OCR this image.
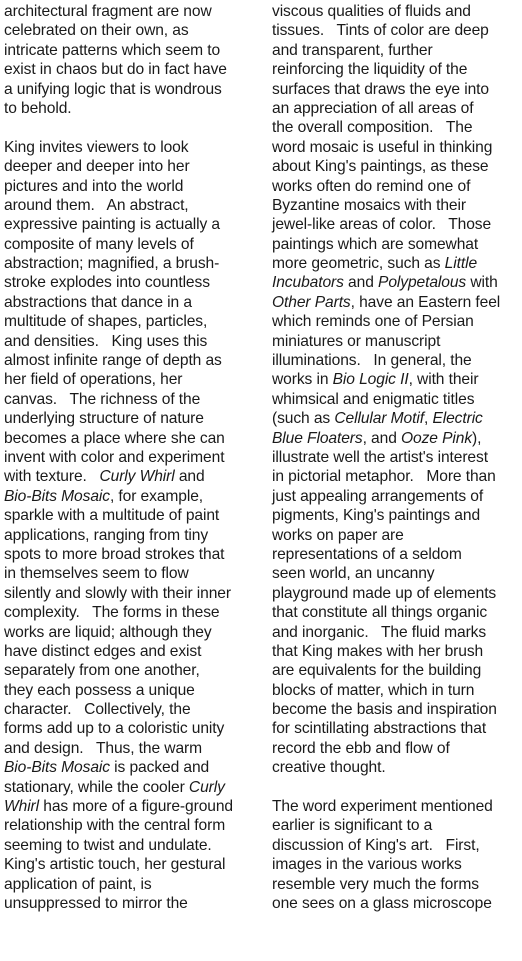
architectural fragment are now
celebrated on their own, as
intricate patterns which seem to
exist in chaos but do in fact have
a unifying logic that is wondrous
to behold.
King invites viewers to look
deeper and deeper into her
pictures and into the world
around them.   An abstract,
expressive painting is actually a
composite of many levels of
abstraction; magnified, a brush-
stroke explodes into countless
abstractions that dance in a
multitude of shapes, particles,
and densities.   King uses this
almost infinite range of depth as
her field of operations, her
canvas.   The richness of the
underlying structure of nature
becomes a place where she can
invent with color and experiment
with texture.   Curly Whirl and
Bio-Bits Mosaic, for example,
sparkle with a multitude of paint
applications, ranging from tiny
spots to more broad strokes that
in themselves seem to flow
silently and slowly with their inner
complexity.   The forms in these
works are liquid; although they
have distinct edges and exist
separately from one another,
they each possess a unique
character.   Collectively, the
forms add up to a coloristic unity
and design.   Thus, the warm
Bio-Bits Mosaic is packed and
stationary, while the cooler Curly
Whirl has more of a figure-ground
relationship with the central form
seeming to twist and undulate.
King's artistic touch, her gestural
application of paint, is
unsuppressed to mirror the
viscous qualities of fluids and
tissues.   Tints of color are deep
and transparent, further
reinforcing the liquidity of the
surfaces that draws the eye into
an appreciation of all areas of
the overall composition.   The
word mosaic is useful in thinking
about King's paintings, as these
works often do remind one of
Byzantine mosaics with their
jewel-like areas of color.   Those
paintings which are somewhat
more geometric, such as Little
Incubators and Polypetalous with
Other Parts, have an Eastern feel
which reminds one of Persian
miniatures or manuscript
illuminations.   In general, the
works in Bio Logic II, with their
whimsical and enigmatic titles
(such as Cellular Motif, Electric
Blue Floaters, and Ooze Pink),
illustrate well the artist's interest
in pictorial metaphor.   More than
just appealing arrangements of
pigments, King's paintings and
works on paper are
representations of a seldom
seen world, an uncanny
playground made up of elements
that constitute all things organic
and inorganic.   The fluid marks
that King makes with her brush
are equivalents for the building
blocks of matter, which in turn
become the basis and inspiration
for scintillating abstractions that
record the ebb and flow of
creative thought.
The word experiment mentioned
earlier is significant to a
discussion of King's art.   First,
images in the various works
resemble very much the forms
one sees on a glass microscope
